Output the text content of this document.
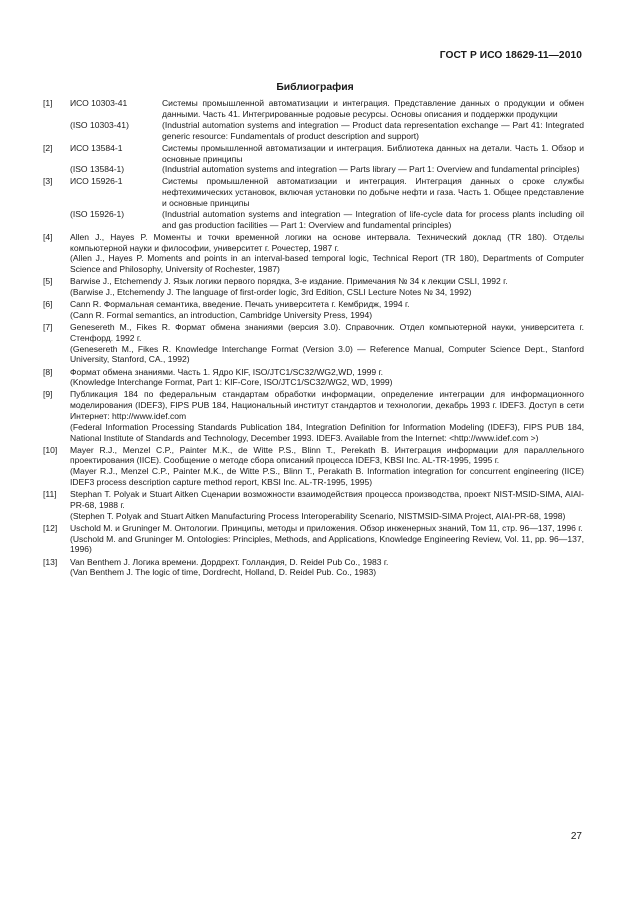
ГОСТ Р ИСО 18629-11—2010
Библиография
[1]	ИСО 10303-41	Системы промышленной автоматизации и интеграция. Представление данных о продукции и обмен данными. Часть 41. Интегрированные родовые ресурсы. Основы описания и поддержки продукции
(ISO 10303-41)	(Industrial automation systems and integration — Product data representation exchange — Part 41: Integrated generic resource: Fundamentals of product description and support)
[2]	ИСО 13584-1	Системы промышленной автоматизации и интеграция. Библиотека данных на детали. Часть 1. Обзор и основные принципы
(ISO 13584-1)	(Industrial automation systems and integration — Parts library — Part 1: Overview and fundamental principles)
[3]	ИСО 15926-1	Системы промышленной автоматизации и интеграция. Интеграция данных о сроке службы нефтехимических установок, включая установки по добыче нефти и газа. Часть 1. Общее представление и основные принципы
(ISO 15926-1)	(Industrial automation systems and integration — Integration of life-cycle data for process plants including oil and gas production facilities — Part 1: Overview and fundamental principles)
[4]	Allen J., Hayes P. Моменты и точки временной логики на основе интервала. Технический доклад (TR 180). Отделы компьютерной науки и философии, университет г. Рочестер, 1987 г.
(Allen J., Hayes P. Moments and points in an interval-based temporal logic, Technical Report (TR 180), Departments of Computer Science and Philosophy, University of Rochester, 1987)
[5]	Barwise J., Etchemendy J. Язык логики первого порядка, 3-е издание. Примечания № 34 к лекции CSLI, 1992 г.
(Barwise J., Etchemendy J. The language of first-order logic, 3rd Edition, CSLI Lecture Notes № 34, 1992)
[6]	Cann R. Формальная семантика, введение. Печать университета г. Кембридж, 1994 г.
(Cann R. Formal semantics, an introduction, Cambridge University Press, 1994)
[7]	Genesereth M., Fikes R. Формат обмена знаниями (версия 3.0). Справочник. Отдел компьютерной науки, университета г. Стенфорд. 1992 г.
(Genesereth M., Fikes R. Knowledge Interchange Format (Version 3.0) — Reference Manual, Computer Science Dept., Stanford University, Stanford, CA., 1992)
[8]	Формат обмена знаниями. Часть 1. Ядро KIF, ISO/JTC1/SC32/WG2,WD, 1999 г.
(Knowledge Interchange Format, Part 1: KIF-Core, ISO/JTC1/SC32/WG2, WD, 1999)
[9]	Публикация 184 по федеральным стандартам обработки информации, определение интеграции для информационного моделирования (IDEF3), FIPS PUB 184, Национальный институт стандартов и технологии, декабрь 1993 г. IDEF3. Доступ в сети Интернет: http://www.idef.com
(Federal Information Processing Standards Publication 184, Integration Definition for Information Modeling (IDEF3), FIPS PUB 184, National Institute of Standards and Technology, December 1993. IDEF3. Available from the Internet: <http://www.idef.com >)
[10]	Mayer R.J., Menzel C.P., Painter M.K., de Witte P.S., Blinn T., Perekath B. Интеграция информации для параллельного проектирования (IICE). Сообщение о методе сбора описаний процесса IDEF3, KBSI Inc. AL-TR-1995, 1995 г.
(Mayer R.J., Menzel C.P., Painter M.K., de Witte P.S., Blinn T., Perakath B. Information integration for concurrent engineering (IICE) IDEF3 process description capture method report, KBSI Inc. AL-TR-1995, 1995)
[11]	Stephan T. Polyak и Stuart Aitken Сценарии возможности взаимодействия процесса производства, проект NIST-MSID-SIMA, AIAI-PR-68, 1988 г.
(Stephen T. Polyak and Stuart Aitken Manufacturing Process Interoperability Scenario, NISTMSID-SIMA Project, AIAI-PR-68, 1998)
[12]	Uschold M. и Gruninger M. Онтологии. Принципы, методы и приложения. Обзор инженерных знаний, Том 11, стр. 96—137, 1996 г.
(Uschold M. and Gruninger M. Ontologies: Principles, Methods, and Applications, Knowledge Engineering Review, Vol. 11, pp. 96—137, 1996)
[13]	Van Benthem J. Логика времени. Дордрехт. Голландия, D. Reidel Pub Co., 1983 г.
(Van Benthem J. The logic of time, Dordrecht, Holland, D. Reidel Pub. Co., 1983)
27
